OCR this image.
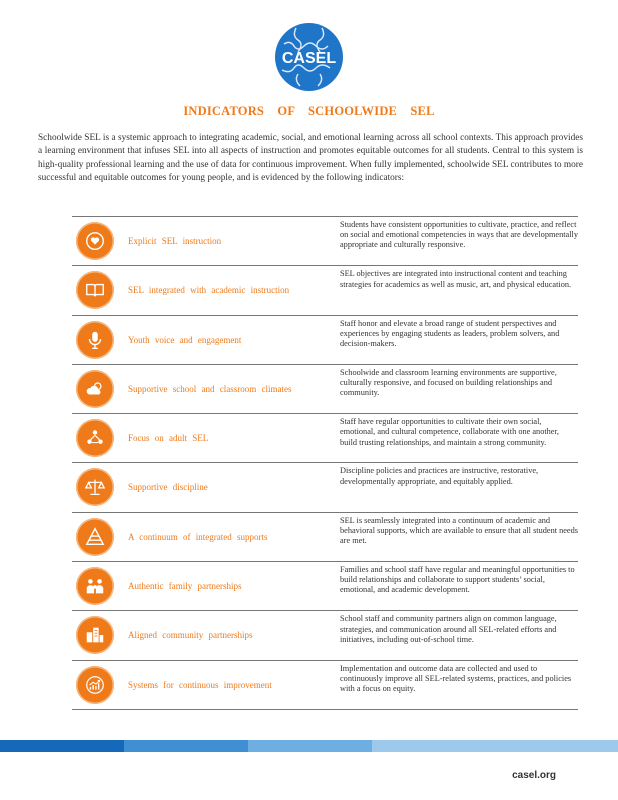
CASEL
INDICATORS OF SCHOOLWIDE SEL
Schoolwide SEL is a systemic approach to integrating academic, social, and emotional learning across all school contexts. This approach provides a learning environment that infuses SEL into all aspects of instruction and promotes equitable outcomes for all students. Central to this system is high-quality professional learning and the use of data for continuous improvement. When fully implemented, schoolwide SEL contributes to more successful and equitable outcomes for young people, and is evidenced by the following indicators:
Explicit SEL instruction
Students have consistent opportunities to cultivate, practice, and reflect on social and emotional competencies in ways that are developmentally appropriate and culturally responsive.
SEL integrated with academic instruction
SEL objectives are integrated into instructional content and teaching strategies for academics as well as music, art, and physical education.
Youth voice and engagement
Staff honor and elevate a broad range of student perspectives and experiences by engaging students as leaders, problem solvers, and decision-makers.
Supportive school and classroom climates
Schoolwide and classroom learning environments are supportive, culturally responsive, and focused on building relationships and community.
Focus on adult SEL
Staff have regular opportunities to cultivate their own social, emotional, and cultural competence, collaborate with one another, build trusting relationships, and maintain a strong community.
Supportive discipline
Discipline policies and practices are instructive, restorative, developmentally appropriate, and equitably applied.
A continuum of integrated supports
SEL is seamlessly integrated into a continuum of academic and behavioral supports, which are available to ensure that all student needs are met.
Authentic family partnerships
Families and school staff have regular and meaningful opportunities to build relationships and collaborate to support students’ social, emotional, and academic development.
Aligned community partnerships
School staff and community partners align on common language, strategies, and communication around all SEL-related efforts and initiatives, including out-of-school time.
Systems for continuous improvement
Implementation and outcome data are collected and used to continuously improve all SEL-related systems, practices, and policies with a focus on equity.
casel.org
